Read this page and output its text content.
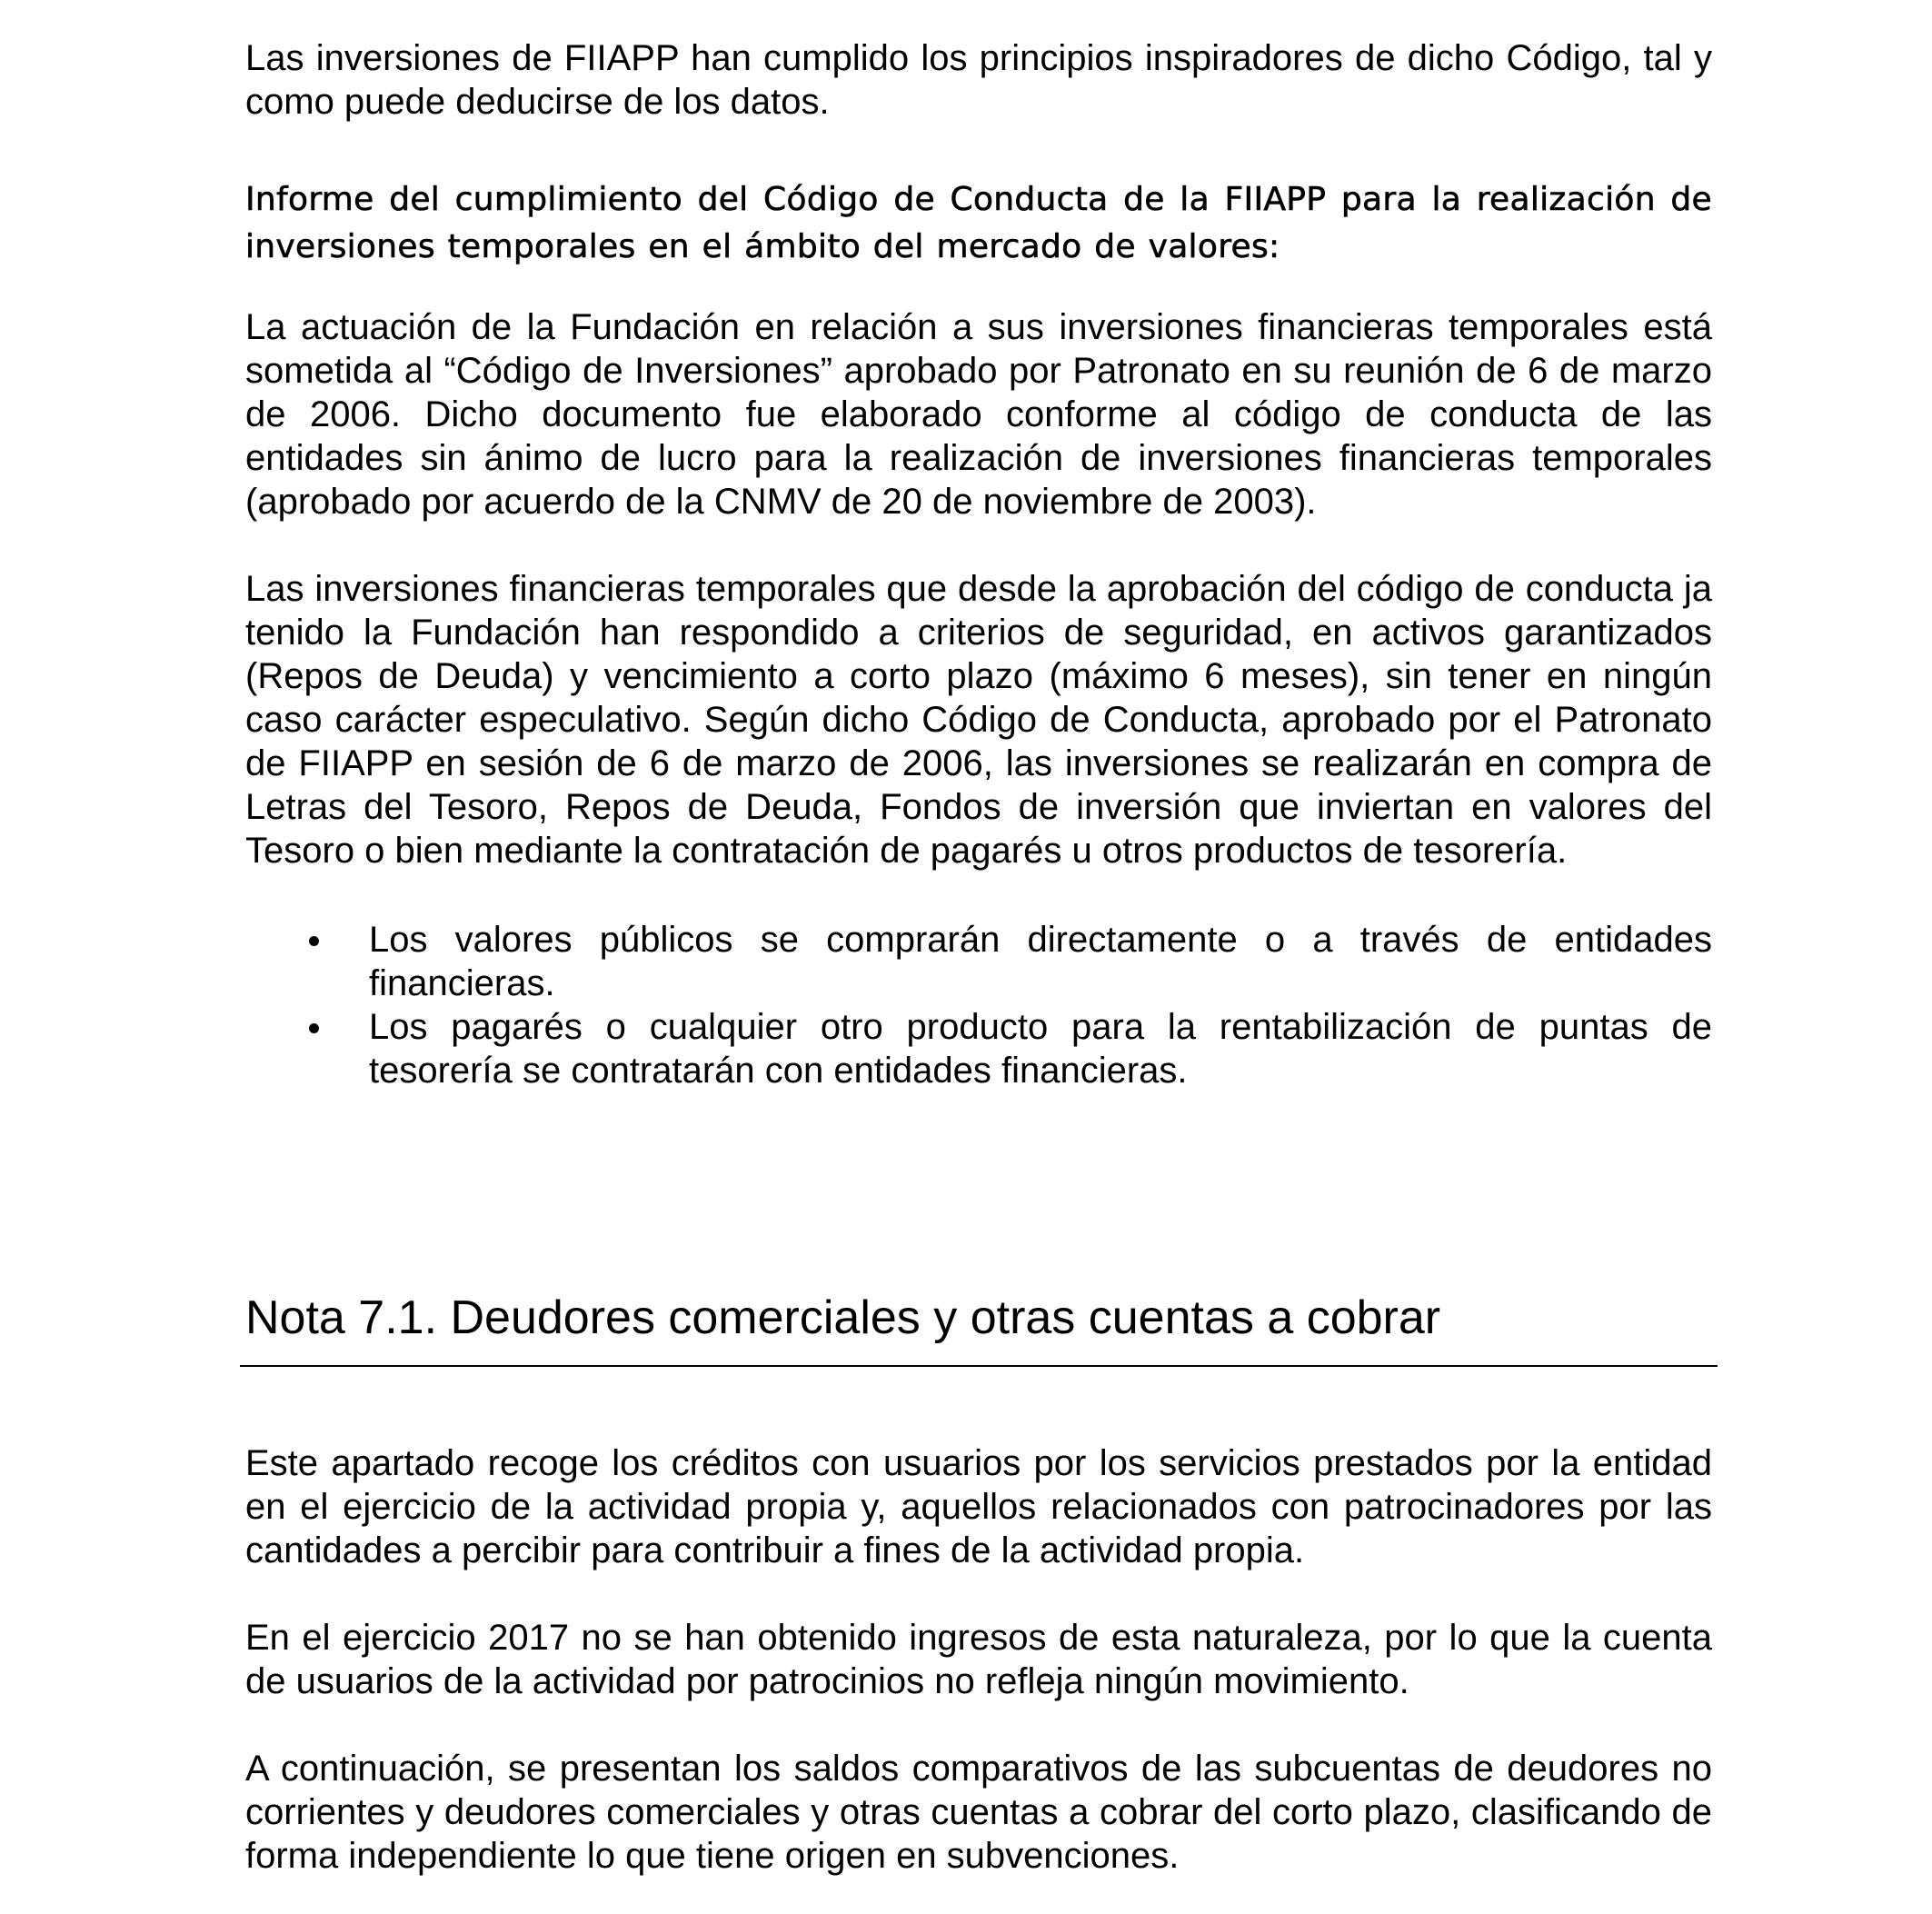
Las inversiones de FIIAPP han cumplido los principios inspiradores de dicho Código, tal y como puede deducirse de los datos.

Informe del cumplimiento del Código de Conducta de la FIIAPP para la realización de inversiones temporales en el ámbito del mercado de valores:

La actuación de la Fundación en relación a sus inversiones financieras temporales está sometida al “Código de Inversiones” aprobado por Patronato en su reunión de 6 de marzo de 2006. Dicho documento fue elaborado conforme al código de conducta de las entidades sin ánimo de lucro para la realización de inversiones financieras temporales (aprobado por acuerdo de la CNMV de 20 de noviembre de 2003).

Las inversiones financieras temporales que desde la aprobación del código de conducta ja tenido la Fundación han respondido a criterios de seguridad, en activos garantizados (Repos de Deuda) y vencimiento a corto plazo (máximo 6 meses), sin tener en ningún caso carácter especulativo. Según dicho Código de Conducta, aprobado por el Patronato de FIIAPP en sesión de 6 de marzo de 2006, las inversiones se realizarán en compra de Letras del Tesoro, Repos de Deuda, Fondos de inversión que inviertan en valores del Tesoro o bien mediante la contratación de pagarés u otros productos de tesorería.

Los valores públicos se comprarán directamente o a través de entidades financieras.
Los pagarés o cualquier otro producto para la rentabilización de puntas de tesorería se contratarán con entidades financieras.
Nota 7.1. Deudores comerciales y otras cuentas a cobrar

Este apartado recoge los créditos con usuarios por los servicios prestados por la entidad en el ejercicio de la actividad propia y, aquellos relacionados con patrocinadores por las cantidades a percibir para contribuir a fines de la actividad propia.

En el ejercicio 2017 no se han obtenido ingresos de esta naturaleza, por lo que la cuenta de usuarios de la actividad por patrocinios no refleja ningún movimiento.

A continuación, se presentan los saldos comparativos de las subcuentas de deudores no corrientes y deudores comerciales y otras cuentas a cobrar del corto plazo, clasificando de forma independiente lo que tiene origen en subvenciones.
